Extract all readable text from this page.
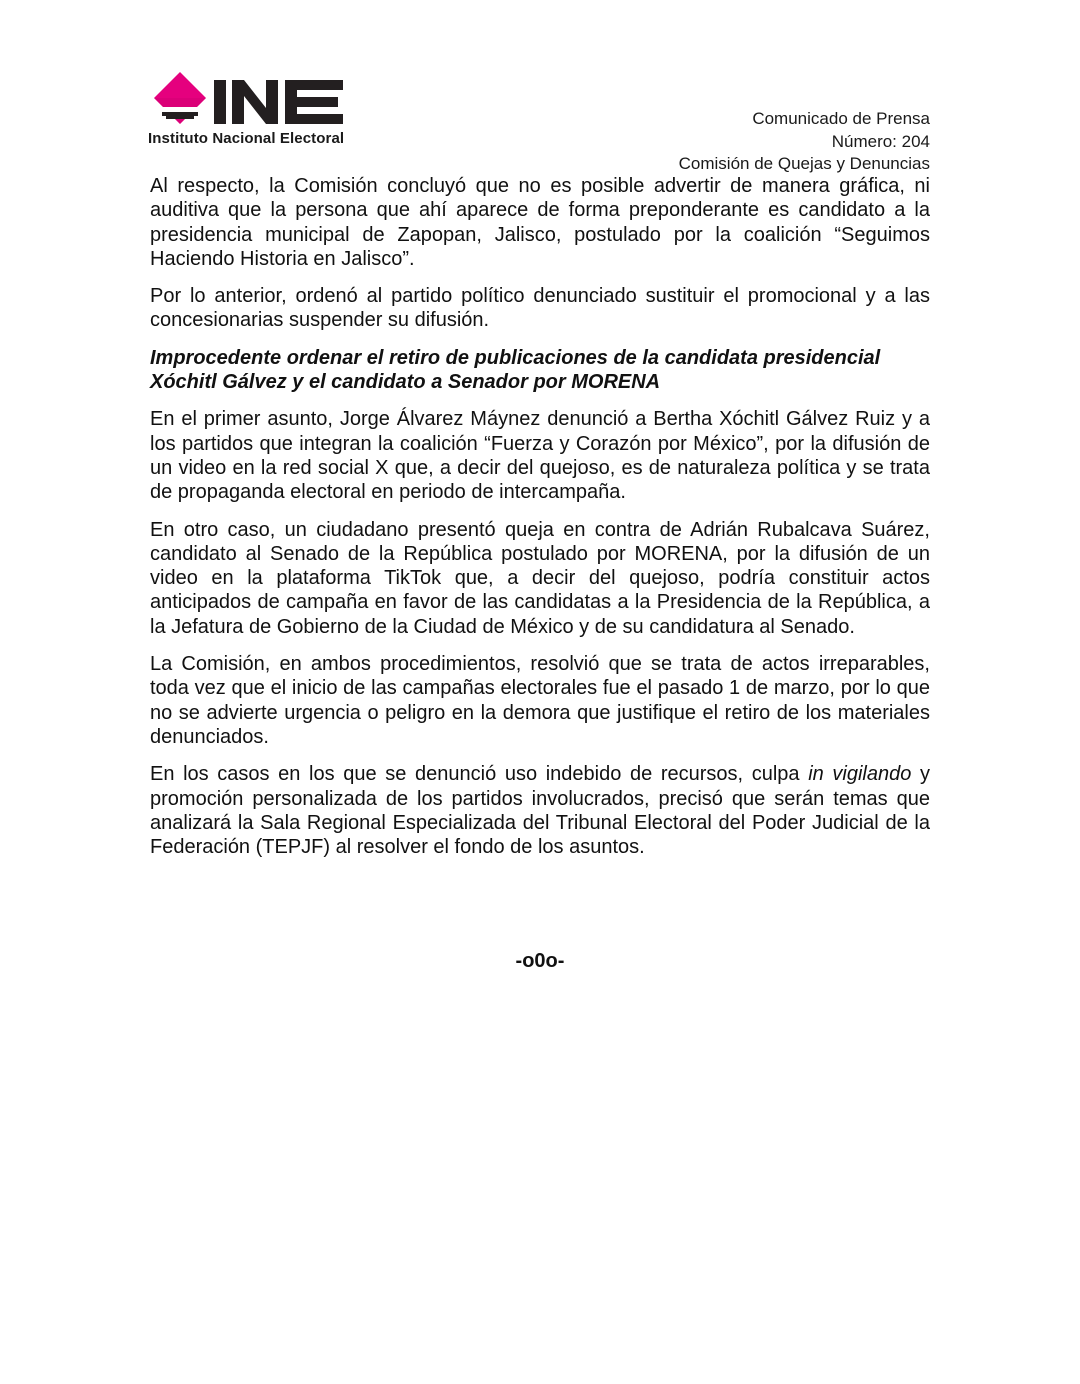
Instituto Nacional Electoral
Comunicado de Prensa
Número: 204
Comisión de Quejas y Denuncias

Al respecto, la Comisión concluyó que no es posible advertir de manera gráfica, ni auditiva que la persona que ahí aparece de forma preponderante es candidato a la presidencia municipal de Zapopan, Jalisco, postulado por la coalición “Seguimos Haciendo Historia en Jalisco”.

Por lo anterior, ordenó al partido político denunciado sustituir el promocional y a las concesionarias suspender su difusión.

Improcedente ordenar el retiro de publicaciones de la candidata presidencial Xóchitl Gálvez y el candidato a Senador por MORENA

En el primer asunto, Jorge Álvarez Máynez denunció a Bertha Xóchitl Gálvez Ruiz y a los partidos que integran la coalición “Fuerza y Corazón por México”, por la difusión de un video en la red social X que, a decir del quejoso, es de naturaleza política y se trata de propaganda electoral en periodo de intercampaña.

En otro caso, un ciudadano presentó queja en contra de Adrián Rubalcava Suárez, candidato al Senado de la República postulado por MORENA, por la difusión de un video en la plataforma TikTok que, a decir del quejoso, podría constituir actos anticipados de campaña en favor de las candidatas a la Presidencia de la República, a la Jefatura de Gobierno de la Ciudad de México y de su candidatura al Senado.

La Comisión, en ambos procedimientos, resolvió que se trata de actos irreparables, toda vez que el inicio de las campañas electorales fue el pasado 1 de marzo, por lo que no se advierte urgencia o peligro en la demora que justifique el retiro de los materiales denunciados.

En los casos en los que se denunció uso indebido de recursos, culpa in vigilando y promoción personalizada de los partidos involucrados, precisó que serán temas que analizará la Sala Regional Especializada del Tribunal Electoral del Poder Judicial de la Federación (TEPJF) al resolver el fondo de los asuntos.

-o0o-
